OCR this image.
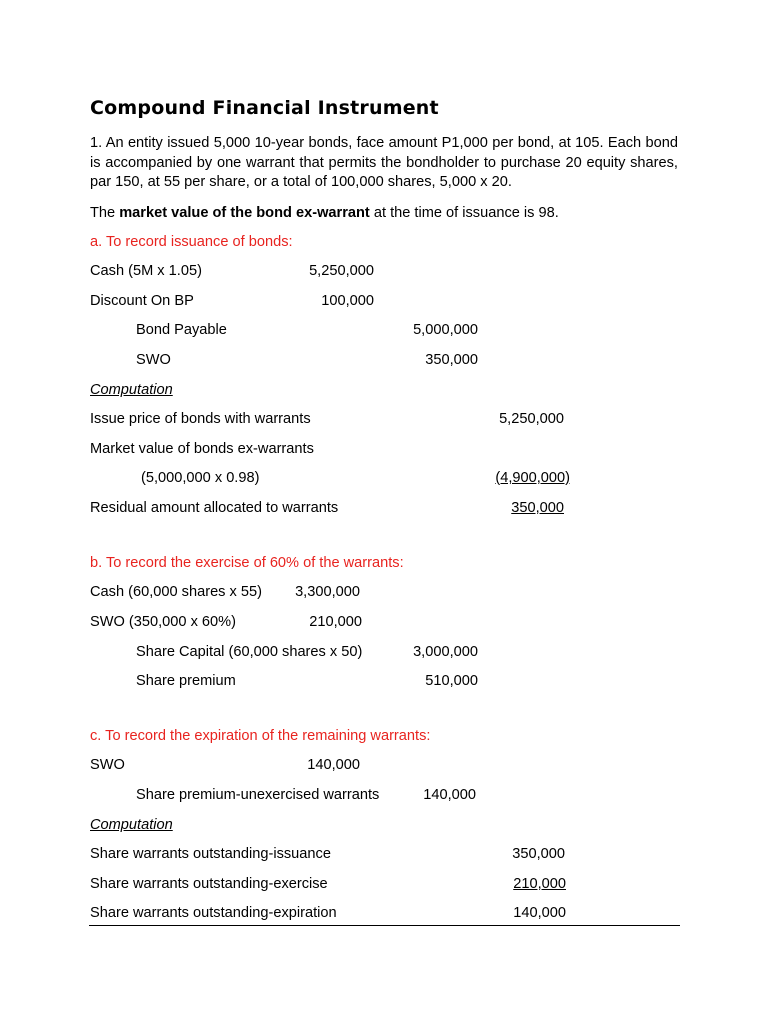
Compound Financial Instrument
1. An entity issued 5,000 10-year bonds, face amount P1,000 per bond, at 105. Each bond is accompanied by one warrant that permits the bondholder to purchase 20 equity shares, par 150, at 55 per share, or a total of 100,000 shares, 5,000 x 20.
The market value of the bond ex-warrant at the time of issuance is 98.
a. To record issuance of bonds:
Cash (5M x 1.05)	5,250,000
Discount On BP	100,000
Bond Payable	5,000,000
SWO	350,000
Computation
Issue price of bonds with warrants	5,250,000
Market value of bonds ex-warrants
(5,000,000 x 0.98)	(4,900,000)
Residual amount allocated to warrants	350,000
b. To record the exercise of 60% of the warrants:
Cash (60,000 shares x 55)	3,300,000
SWO (350,000 x 60%)	210,000
Share Capital (60,000 shares x 50)	3,000,000
Share premium	510,000
c. To record the expiration of the remaining warrants:
SWO	140,000
Share premium-unexercised warrants	140,000
Computation
Share warrants outstanding-issuance	350,000
Share warrants outstanding-exercise	210,000
Share warrants outstanding-expiration	140,000
